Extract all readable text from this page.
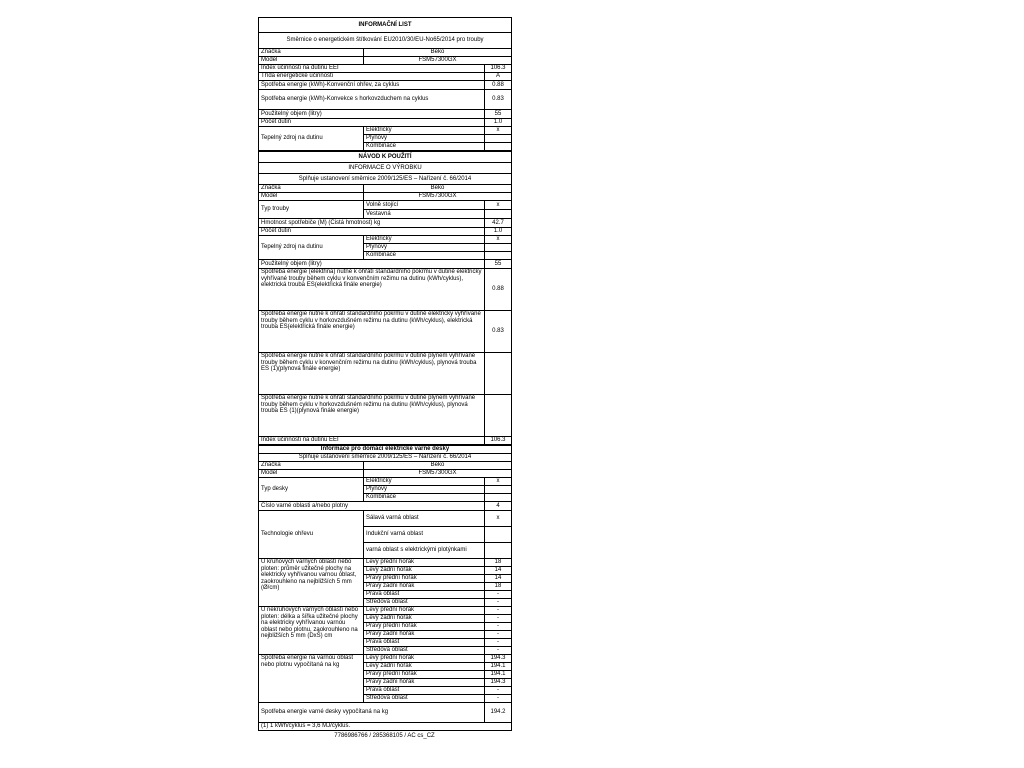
INFORMAČNÍ LIST		
Směrnice o energetickém štítkování EU2010/30/EU-No65/2014 pro trouby		
Značka	Beko	
Model	FSM57300GX	
Index účinnosti na dutinu EEI		106.3
Třída energetické účinnosti		A
Spotřeba energie (kWh)-Konvenční ohřev, za cyklus		0.88
Spotřeba energie (kWh)-Konvekce s horkovzduchem na cyklus		0.83
Použitelný objem (litry)		55
Počet dutin		1.0
Tepelný zdroj na dutinu	Elektrický	x
	Plynový	
	Kombinace	
NÁVOD K POUŽITÍ		
INFORMACE O VÝROBKU		
Splňuje ustanovení směrnice 2009/125/ES – Nařízení č. 66/2014		
Značka	Beko	
Model	FSM57300GX	
Typ trouby	Volně stojící	x
	Vestavná	
Hmotnost spotřebiče (M) (Čistá hmotnost) kg		42.7
Počet dutin		1.0
Tepelný zdroj na dutinu	Elektrický	x
	Plynový	
	Kombinace	
Použitelný objem (litry)		55
Spotřeba energie (elektřina) nutné k ohřátí standardního pokrmu v dutině elektricky vyhřívané trouby během cyklu v konvenčním režimu na dutinu (kWh/cyklus), elektrická trouba ES(elektrická finále energie)		0.88
Spotřeba energie nutné k ohřátí standardního pokrmu v dutině elektricky vyhřívané trouby během cyklu v horkovzdušném režimu na dutinu (kWh/cyklus), elektrická trouba ES(elektrická finále energie)		0.83
Spotřeba energie nutné k ohřátí standardního pokrmu v dutině plynem vyhřívané trouby během cyklu v konvenčním režimu na dutinu (kWh/cyklus), plynová trouba ES (1)(plynová finále energie)		
Spotřeba energie nutné k ohřátí standardního pokrmu v dutině plynem vyhřívané trouby během cyklu v horkovzdušném režimu na dutinu (kWh/cyklus), plynová trouba ES (1)(plynová finále energie)		
Index účinnosti na dutinu EEI		106.3
Informace pro domácí elektrické varné desky		
Splňuje ustanovení směrnice 2009/125/ES – Nařízení č. 66/2014		
Značka	Beko	
Model	FSM57300GX	
Typ desky	Elektrický	x
	Plynový	
	Kombinace	
Číslo varné oblasti a/nebo plotny		4
Technologie ohřevu	Sálavá varná oblast	x
	Indukční varná oblast	
	varná oblast s elektrickými plotýnkami	
U kruhových varných oblastí nebo ploten: průměr užitečné plochy na elektricky vyhřívanou varnou oblast, zaokrouhleno na nejbližších 5 mm (Ø/cm)	Levý přední hořák	18
	Levý zadní hořák	14
	Pravý přední hořák	14
	Pravý zadní hořák	18
	Pravá oblast	-
	Středová oblast	-
U nekruhových varných oblastí nebo ploten: délka a šířka užitečné plochy na elektricky vyhřívanou varnou oblast nebo plotnu, zaokrouhleno na nejbližších 5 mm (DxŠ) cm	Levý přední hořák	-
	Levý zadní hořák	-
	Pravý přední hořák	-
	Pravý zadní hořák	-
	Pravá oblast	-
	Středová oblast	-
Spotřeba energie na varnou oblast nebo plotnu vypočítaná na kg	Levý přední hořák	194.3
	Levý zadní hořák	194.1
	Pravý přední hořák	194.1
	Pravý zadní hořák	194.3
	Pravá oblast	-
	Středová oblast	-
Spotřeba energie varné desky vypočítaná na kg		194.2
(1) 1 kWh/cyklus = 3,6 MJ/cyklus.		
7786986766 / 285368105 / AC cs_CZ
